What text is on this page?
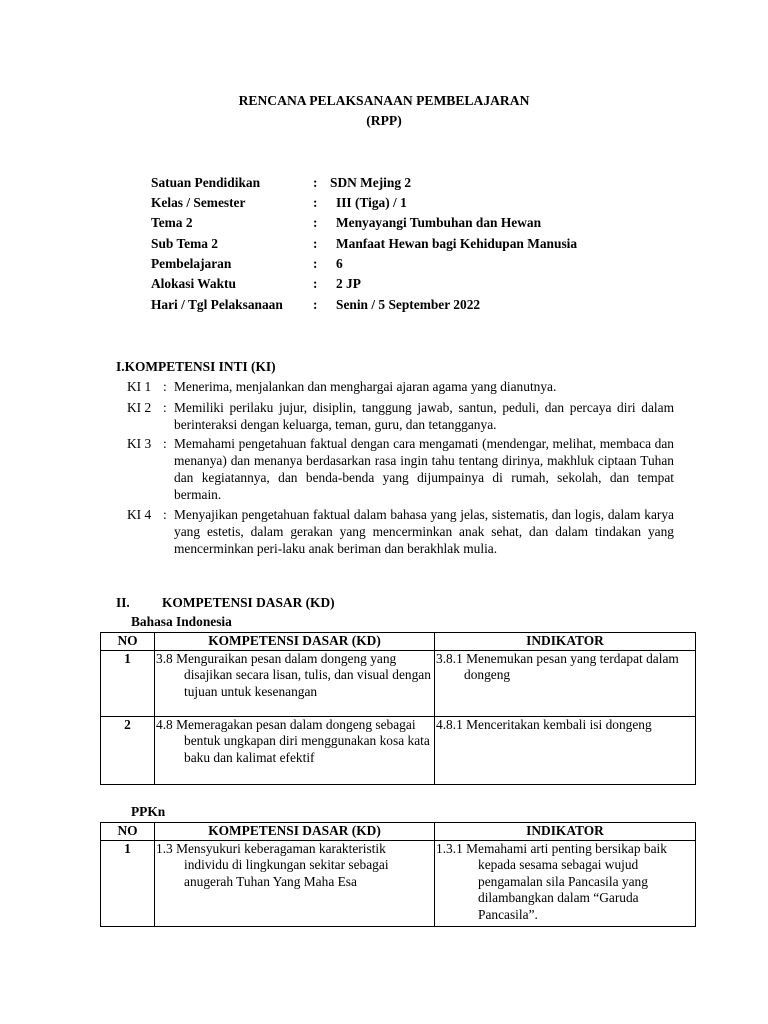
RENCANA PELAKSANAAN PEMBELAJARAN
(RPP)
Satuan Pendidikan	: SDN Mejing 2
Kelas / Semester	: III (Tiga) / 1
Tema 2	: Menyayangi Tumbuhan dan Hewan
Sub Tema 2	: Manfaat Hewan bagi Kehidupan Manusia
Pembelajaran	: 6
Alokasi Waktu	: 2 JP
Hari / Tgl Pelaksanaan : Senin / 5 September 2022
I.KOMPETENSI INTI (KI)
KI 1 : Menerima, menjalankan dan menghargai ajaran agama yang dianutnya.
KI 2 : Memiliki perilaku jujur, disiplin, tanggung jawab, santun, peduli, dan percaya diri dalam berinteraksi dengan keluarga, teman, guru, dan tetangganya.
KI 3 : Memahami pengetahuan faktual dengan cara mengamati (mendengar, melihat, membaca dan menanya) dan menanya berdasarkan rasa ingin tahu tentang dirinya, makhluk ciptaan Tuhan dan kegiatannya, dan benda-benda yang dijumpainya di rumah, sekolah, dan tempat bermain.
KI 4 : Menyajikan pengetahuan faktual dalam bahasa yang jelas, sistematis, dan logis, dalam karya yang estetis, dalam gerakan yang mencerminkan anak sehat, dan dalam tindakan yang mencerminkan peri-laku anak beriman dan berakhlak mulia.
II. KOMPETENSI DASAR (KD)
Bahasa Indonesia
NO	KOMPETENSI DASAR (KD)	INDIKATOR
1	3.8 Menguraikan pesan dalam dongeng yang disajikan secara lisan, tulis, dan visual dengan tujuan untuk kesenangan	3.8.1 Menemukan pesan yang terdapat dalam dongeng

2	4.8 Memeragakan pesan dalam dongeng sebagai bentuk ungkapan diri menggunakan kosa kata baku dan kalimat efektif	4.8.1 Menceritakan kembali isi dongeng
PPKn
NO	KOMPETENSI DASAR (KD)	INDIKATOR
1	1.3 Mensyukuri keberagaman karakteristik individu di lingkungan sekitar sebagai anugerah Tuhan Yang Maha Esa	1.3.1 Memahami arti penting bersikap baik kepada sesama sebagai wujud pengamalan sila Pancasila yang dilambangkan dalam “Garuda Pancasila”.
